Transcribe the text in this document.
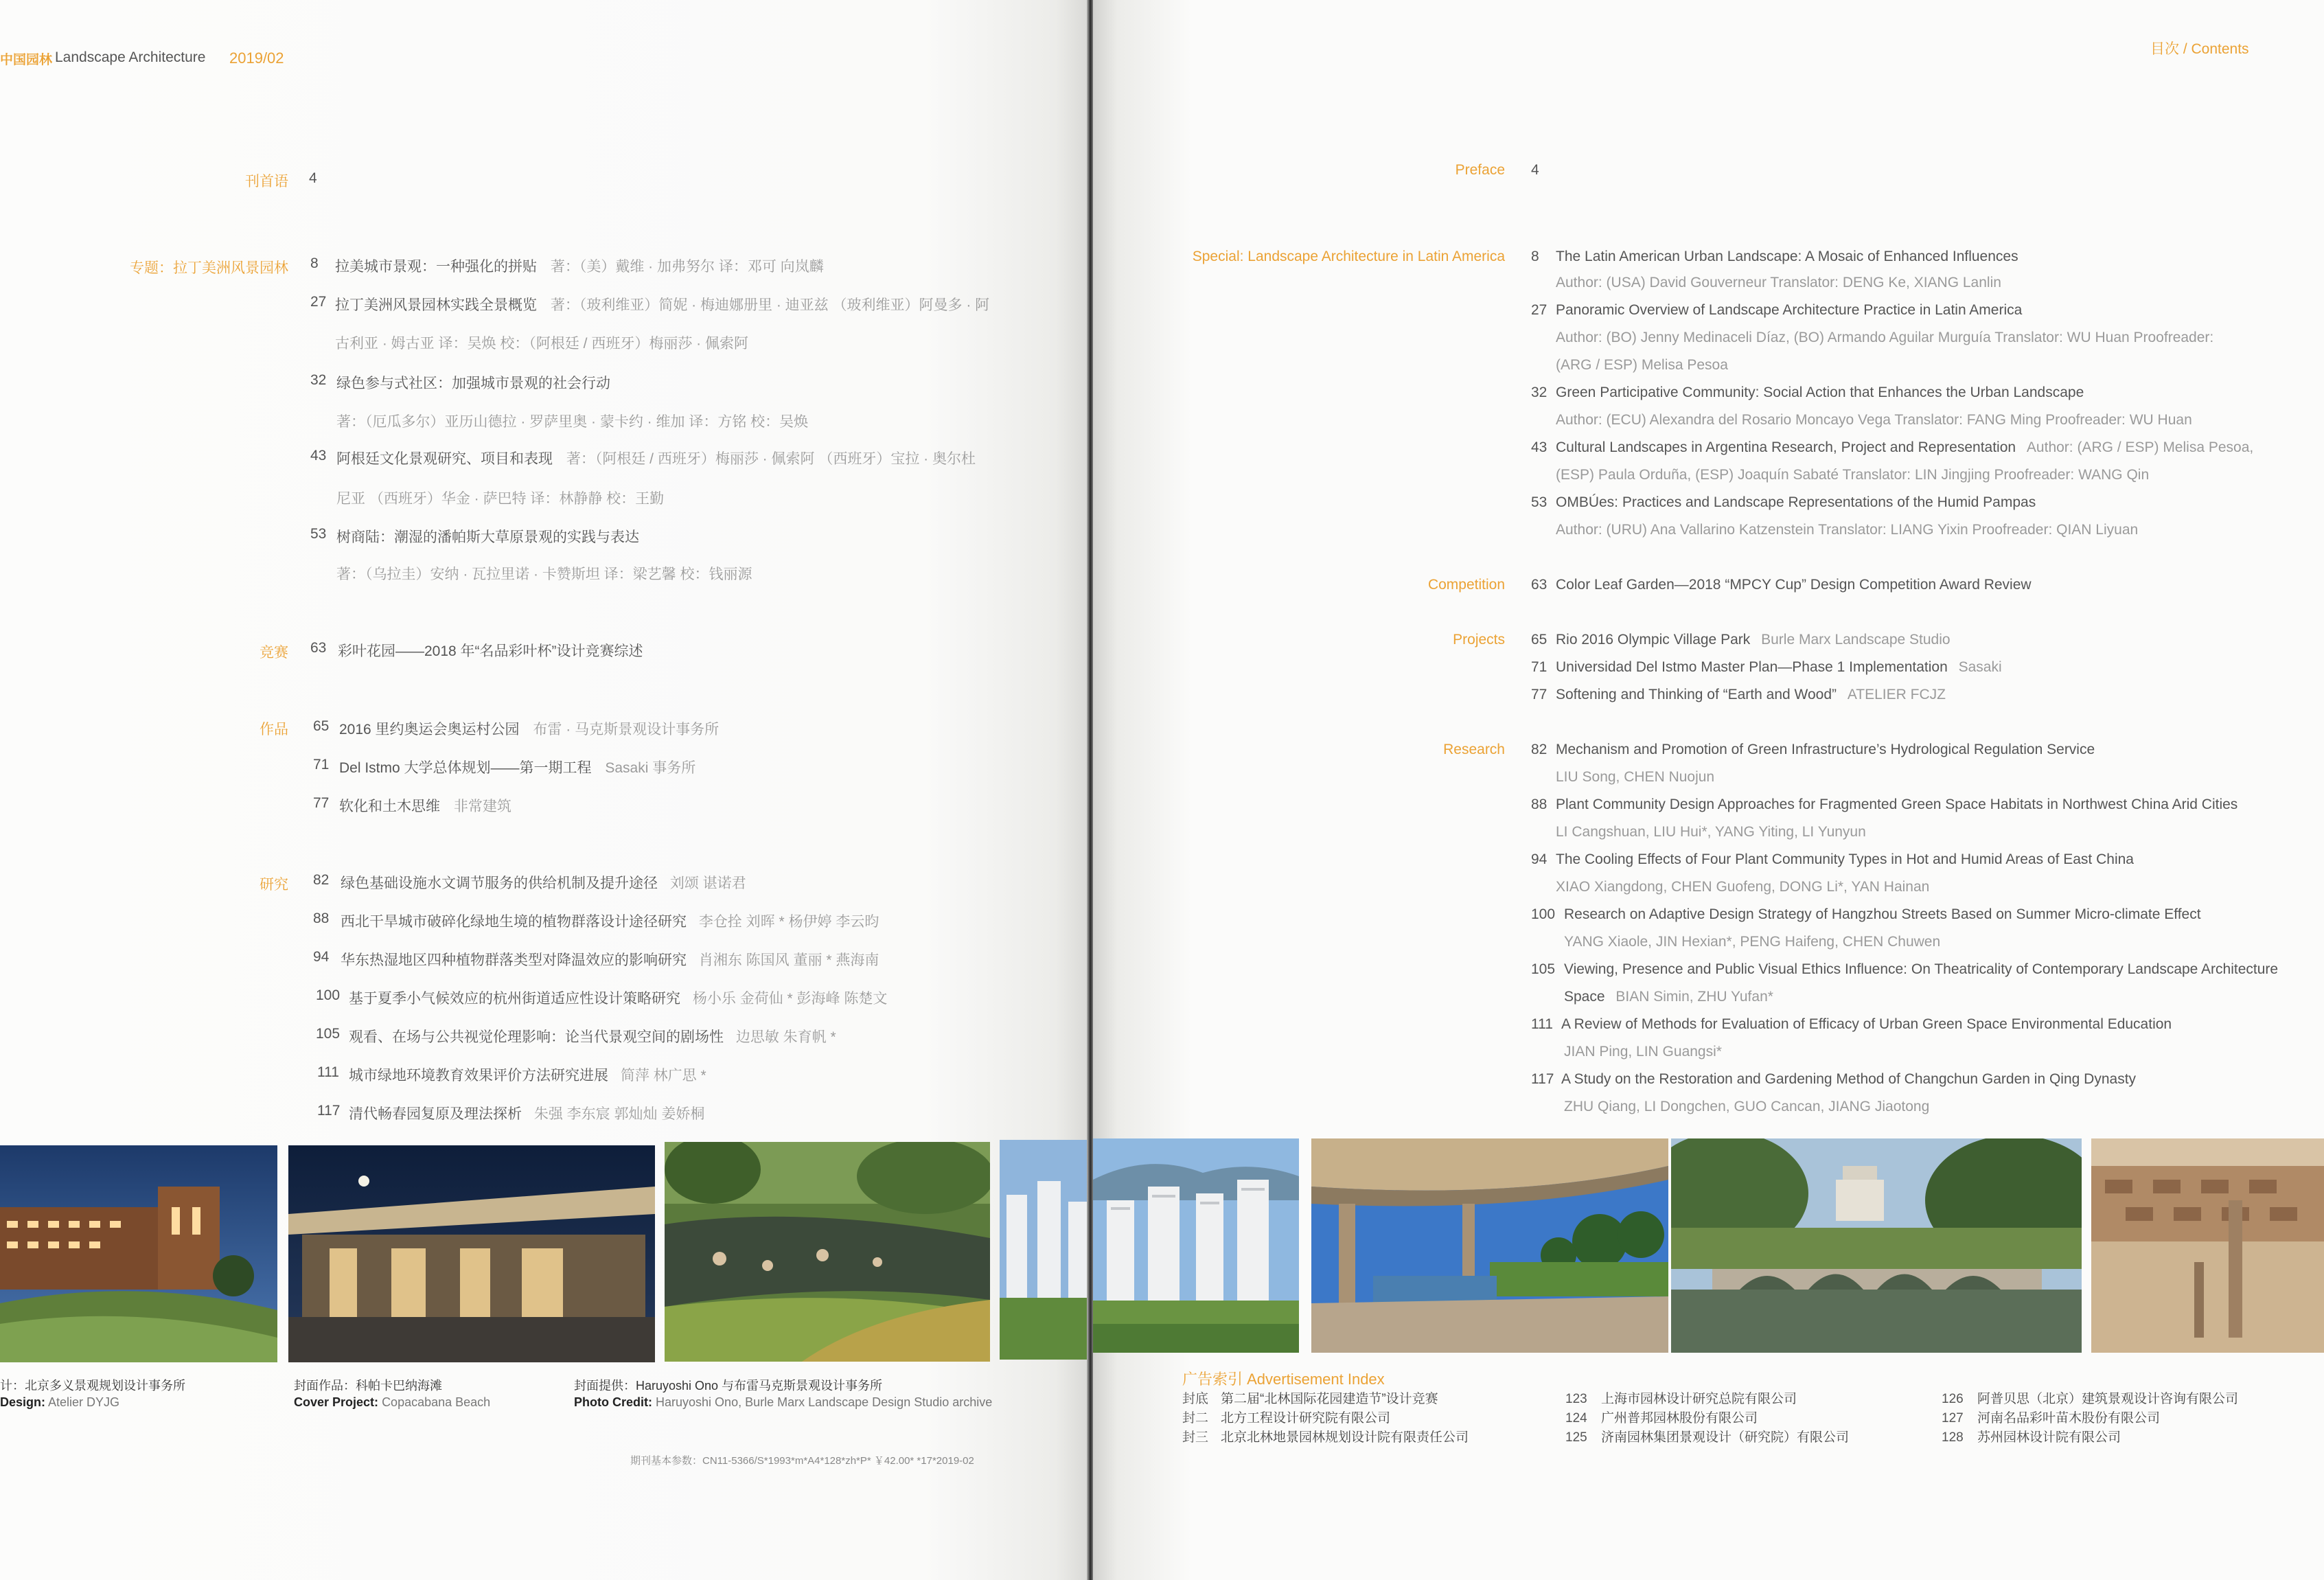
中国园林 Landscape Architecture 2019/02
刊首语 4
专题：拉丁美洲风景园林 8 拉美城市景观：一种强化的拼贴 著：（美）戴维 · 加弗努尔 译：邓可 向岚麟
27 拉丁美洲风景园林实践全景概览 著：（玻利维亚）简妮 · 梅迪娜册里 · 迪亚兹 （玻利维亚）阿曼多 · 阿
古利亚 · 姆古亚 译：吴焕 校：（阿根廷 / 西班牙）梅丽莎 · 佩索阿
32 绿色参与式社区：加强城市景观的社会行动
著：（厄瓜多尔）亚历山德拉 · 罗萨里奥 · 蒙卡约 · 维加 译：方铭 校：吴焕
43 阿根廷文化景观研究、项目和表现 著：（阿根廷 / 西班牙）梅丽莎 · 佩索阿 （西班牙）宝拉 · 奥尔杜
尼亚 （西班牙）华金 · 萨巴特 译：林静静 校：王勤
53 树商陆：潮湿的潘帕斯大草原景观的实践与表达
著：（乌拉圭）安纳 · 瓦拉里诺 · 卡赞斯坦 译：梁艺馨 校：钱丽源
竞赛 63 彩叶花园——2018 年“名品彩叶杯”设计竞赛综述
作品 65 2016 里约奥运会奥运村公园 布雷 · 马克斯景观设计事务所
71 Del Istmo 大学总体规划——第一期工程 Sasaki 事务所
77 软化和土木思维 非常建筑
研究 82 绿色基础设施水文调节服务的供给机制及提升途径 刘颂 谌诺君
88 西北干旱城市破碎化绿地生境的植物群落设计途径研究 李仓拴 刘晖 * 杨伊婷 李云昀
94 华东热湿地区四种植物群落类型对降温效应的影响研究 肖湘东 陈国风 董丽 * 燕海南
100 基于夏季小气候效应的杭州街道适应性设计策略研究 杨小乐 金荷仙 * 彭海峰 陈楚文
105 观看、在场与公共视觉伦理影响：论当代景观空间的剧场性 边思敏 朱育帆 *
111 城市绿地环境教育效果评价方法研究进展 简萍 林广思 *
117 清代畅春园复原及理法探析 朱强 李东宸 郭灿灿 姜娇桐
计：北京多义景观规划设计事务所
Design: Atelier DYJG
封面作品：科帕卡巴纳海滩
Cover Project: Copacabana Beach
封面提供：Haruyoshi Ono 与布雷马克斯景观设计事务所
Photo Credit: Haruyoshi Ono, Burle Marx Landscape Design Studio archive
期刊基本参数：CN11-5366/S*1993*m*A4*128*zh*P* ￥42.00* *17*2019-02
目次 / Contents
Preface 4
Special: Landscape Architecture in Latin America 8 The Latin American Urban Landscape: A Mosaic of Enhanced Influences
Author: (USA) David Gouverneur Translator: DENG Ke, XIANG Lanlin
27 Panoramic Overview of Landscape Architecture Practice in Latin America
Author: (BO) Jenny Medinaceli Díaz, (BO) Armando Aguilar Murguía Translator: WU Huan Proofreader:
(ARG / ESP) Melisa Pesoa
32 Green Participative Community: Social Action that Enhances the Urban Landscape
Author: (ECU) Alexandra del Rosario Moncayo Vega Translator: FANG Ming Proofreader: WU Huan
43 Cultural Landscapes in Argentina Research, Project and Representation Author: (ARG / ESP) Melisa Pesoa,
(ESP) Paula Orduña, (ESP) Joaquín Sabaté Translator: LIN Jingjing Proofreader: WANG Qin
53 OMBÚes: Practices and Landscape Representations of the Humid Pampas
Author: (URU) Ana Vallarino Katzenstein Translator: LIANG Yixin Proofreader: QIAN Liyuan
Competition 63 Color Leaf Garden—2018 “MPCY Cup” Design Competition Award Review
Projects 65 Rio 2016 Olympic Village Park Burle Marx Landscape Studio
71 Universidad Del Istmo Master Plan—Phase 1 Implementation Sasaki
77 Softening and Thinking of “Earth and Wood” ATELIER FCJZ
Research 82 Mechanism and Promotion of Green Infrastructure’s Hydrological Regulation Service
LIU Song, CHEN Nuojun
88 Plant Community Design Approaches for Fragmented Green Space Habitats in Northwest China Arid Cities
LI Cangshuan, LIU Hui*, YANG Yiting, LI Yunyun
94 The Cooling Effects of Four Plant Community Types in Hot and Humid Areas of East China
XIAO Xiangdong, CHEN Guofeng, DONG Li*, YAN Hainan
100 Research on Adaptive Design Strategy of Hangzhou Streets Based on Summer Micro-climate Effect
YANG Xiaole, JIN Hexian*, PENG Haifeng, CHEN Chuwen
105 Viewing, Presence and Public Visual Ethics Influence: On Theatricality of Contemporary Landscape Architecture
Space BIAN Simin, ZHU Yufan*
111 A Review of Methods for Evaluation of Efficacy of Urban Green Space Environmental Education
JIAN Ping, LIN Guangsi*
117 A Study on the Restoration and Gardening Method of Changchun Garden in Qing Dynasty
ZHU Qiang, LI Dongchen, GUO Cancan, JIANG Jiaotong
广告索引 Advertisement Index
封底 第二届“北林国际花园建造节”设计竞赛
封二 北方工程设计研究院有限公司
封三 北京北林地景园林规划设计院有限责任公司
123 上海市园林设计研究总院有限公司
124 广州普邦园林股份有限公司
125 济南园林集团景观设计（研究院）有限公司
126 阿普贝思（北京）建筑景观设计咨询有限公司
127 河南名品彩叶苗木股份有限公司
128 苏州园林设计院有限公司
